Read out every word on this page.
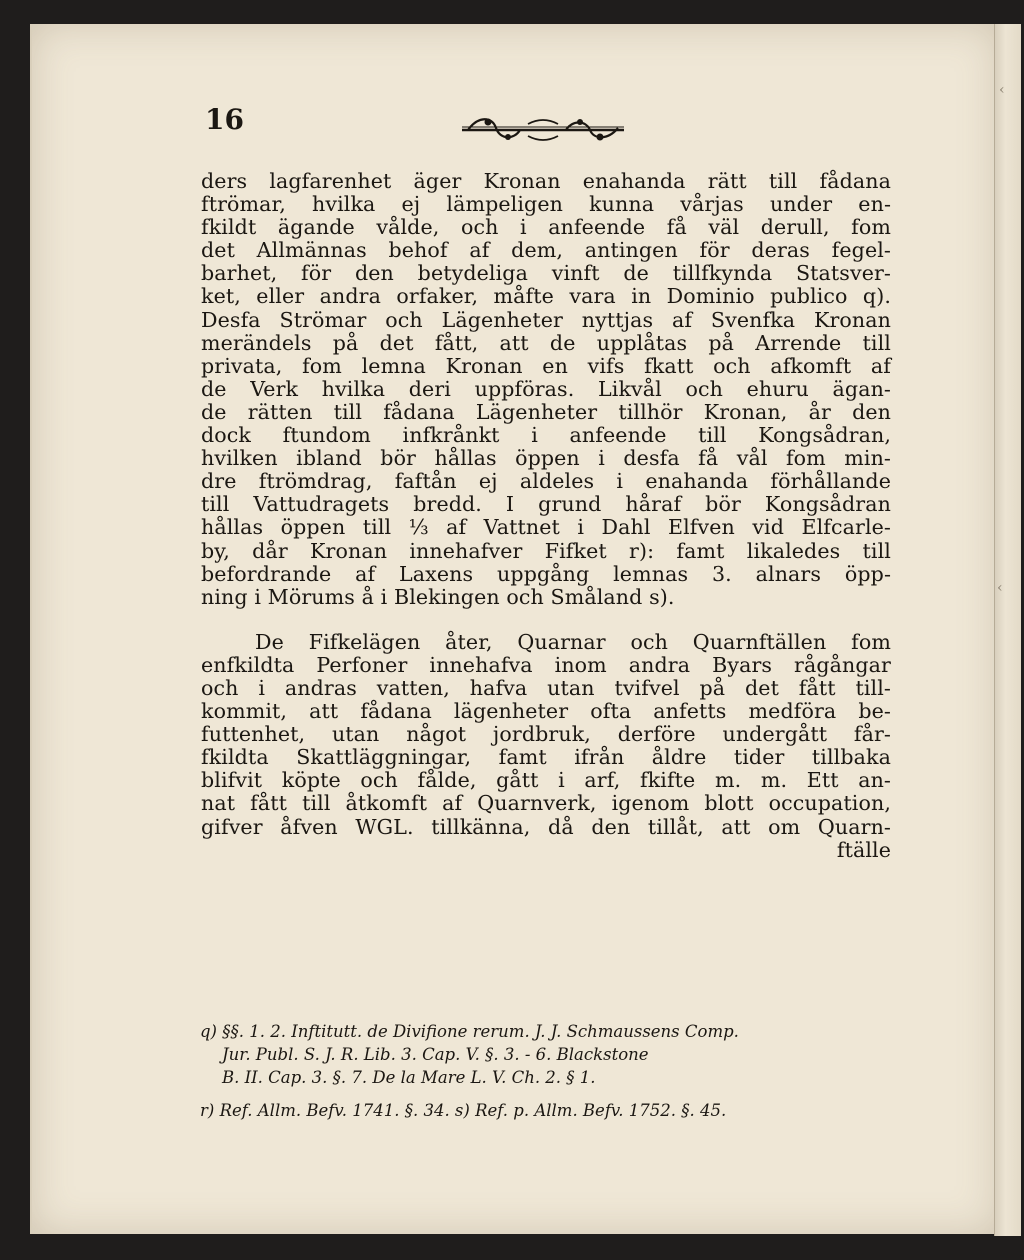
‹
‹
16
ders lagfarenhet äger Kronan enahanda rätt till fådana
ftrömar, hvilka ej lämpeligen kunna vårjas under en-
fkildt ägande vålde, och i anfeende få väl derull, fom
det Allmännas behof af dem, antingen för deras fegel-
barhet, för den betydeliga vinft de tillfkynda Statsver-
ket, eller andra orfaker, måfte vara in Dominio publico q).
Desfa Strömar och Lägenheter nyttjas af Svenfka Kronan
merändels på det fått, att de upplåtas på Arrende till
privata, fom lemna Kronan en vifs fkatt och afkomft af
de Verk hvilka deri uppföras. Likvål och ehuru ägan-
de rätten till fådana Lägenheter tillhör Kronan, år den
dock ftundom infkrånkt i anfeende till Kongsådran,
hvilken ibland bör hållas öppen i desfa få vål fom min-
dre ftrömdrag, faftån ej aldeles i enahanda förhållande
till Vattudragets bredd. I grund håraf bör Kongsådran
hållas öppen till ⅓ af Vattnet i Dahl Elfven vid Elfcarle-
by, dår Kronan innehafver Fifket r): famt likaledes till
befordrande af Laxens uppgång lemnas 3. alnars öpp-
ning i Mörums å i Blekingen och Småland s).
De Fifkelägen åter, Quarnar och Quarnftällen fom
enfkildta Perfoner innehafva inom andra Byars rågångar
och i andras vatten, hafva utan tvifvel på det fått till-
kommit, att fådana lägenheter ofta anfetts medföra be-
futtenhet, utan något jordbruk, derföre undergått får-
fkildta Skattläggningar, famt ifrån åldre tider tillbaka
blifvit köpte och fålde, gått i arf, fkifte m. m. Ett an-
nat fått till åtkomft af Quarnverk, igenom blott occupation,
gifver åfven WGL. tillkänna, då den tillåt, att om Quarn-
ftälle
q) §§. 1. 2. Inftitutt. de Divifione rerum. J. J. Schmaussens Comp.
Jur. Publ. S. J. R. Lib. 3. Cap. V. §. 3. - 6. Blackstone
B. II. Cap. 3. §. 7. De la Mare L. V. Ch. 2. § 1.
r) Ref. Allm. Befv. 1741. §. 34. s) Ref. p. Allm. Befv. 1752. §. 45.
